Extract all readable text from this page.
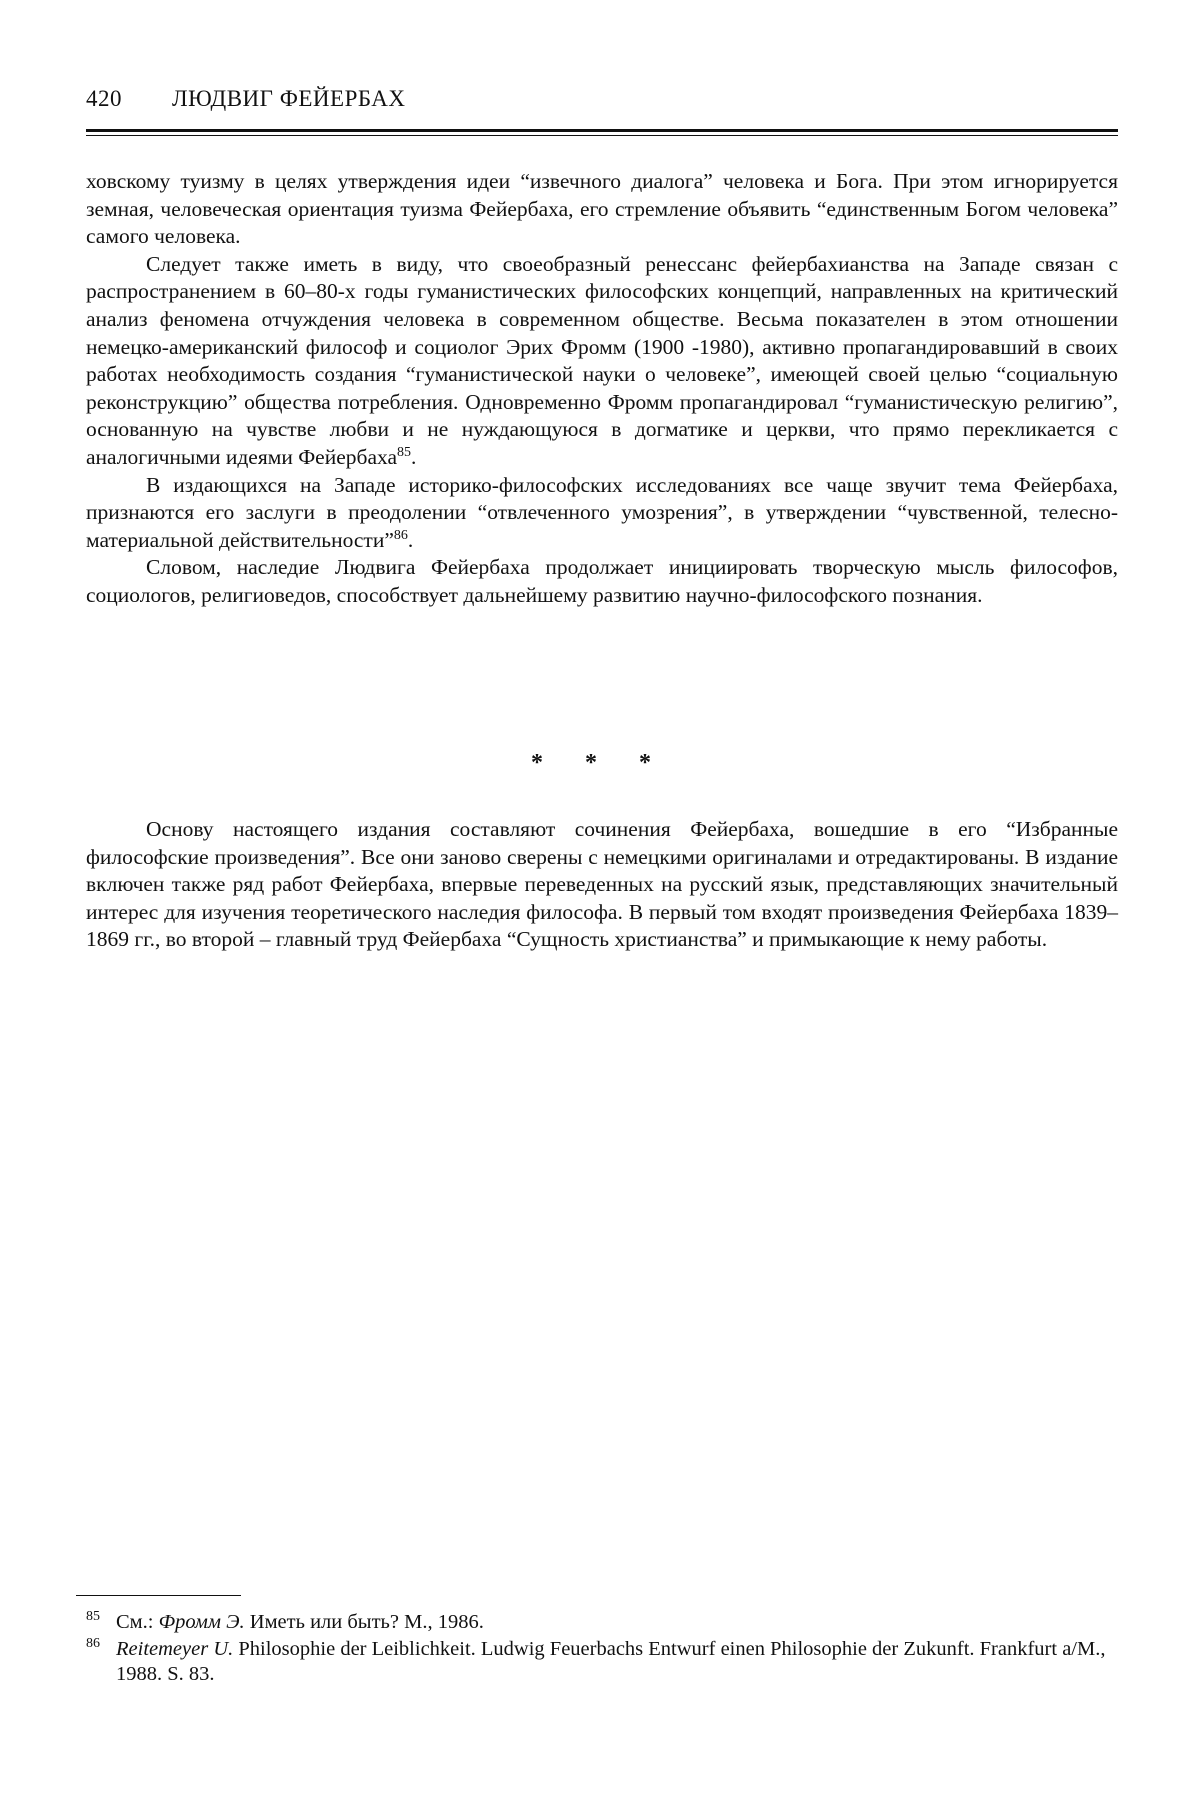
420 ЛЮДВИГ ФЕЙЕРБАХ

ховскому туизму в целях утверждения идеи “извечного диалога” человека и Бога. При этом игнорируется земная, человеческая ориентация туизма Фейербаха, его стремление объявить “единственным Богом человека” самого человека.

Следует также иметь в виду, что своеобразный ренессанс фейербахианства на Западе связан с распространением в 60–80-х годы гуманистических философских концепций, направленных на критический анализ феномена отчуждения человека в современном обществе. Весьма показателен в этом отношении немецко-американский философ и социолог Эрих Фромм (1900 -1980), активно пропагандировавший в своих работах необходимость создания “гуманистической науки о человеке”, имеющей своей целью “социальную реконструкцию” общества потребления. Одновременно Фромм пропагандировал “гуманистическую религию”, основанную на чувстве любви и не нуждающуюся в догматике и церкви, что прямо перекликается с аналогичными идеями Фейербаха$^{85}$.

В издающихся на Западе историко-философских исследованиях все чаще звучит тема Фейербаха, признаются его заслуги в преодолении “отвлеченного умозрения”, в утверждении “чувственной, телесно-материальной действительности”$^{86}$.

Словом, наследие Людвига Фейербаха продолжает инициировать творческую мысль философов, социологов, религиоведов, способствует дальнейшему развитию научно-философского познания.

* * *

Основу настоящего издания составляют сочинения Фейербаха, вошедшие в его “Избранные философские произведения”. Все они заново сверены с немецкими оригиналами и отредактированы. В издание включен также ряд работ Фейербаха, впервые переведенных на русский язык, представляющих значительный интерес для изучения теоретического наследия философа. В первый том входят произведения Фейербаха 1839–1869 гг., во второй – главный труд Фейербаха “Сущность христианства” и примыкающие к нему работы.

85 См.: Фромм Э. Иметь или быть? М., 1986.
86 Reitemeyer U. Philosophie der Leiblichkeit. Ludwig Feuerbachs Entwurf einen Philosophie der Zukunft. Frankfurt a/M., 1988. S. 83.
